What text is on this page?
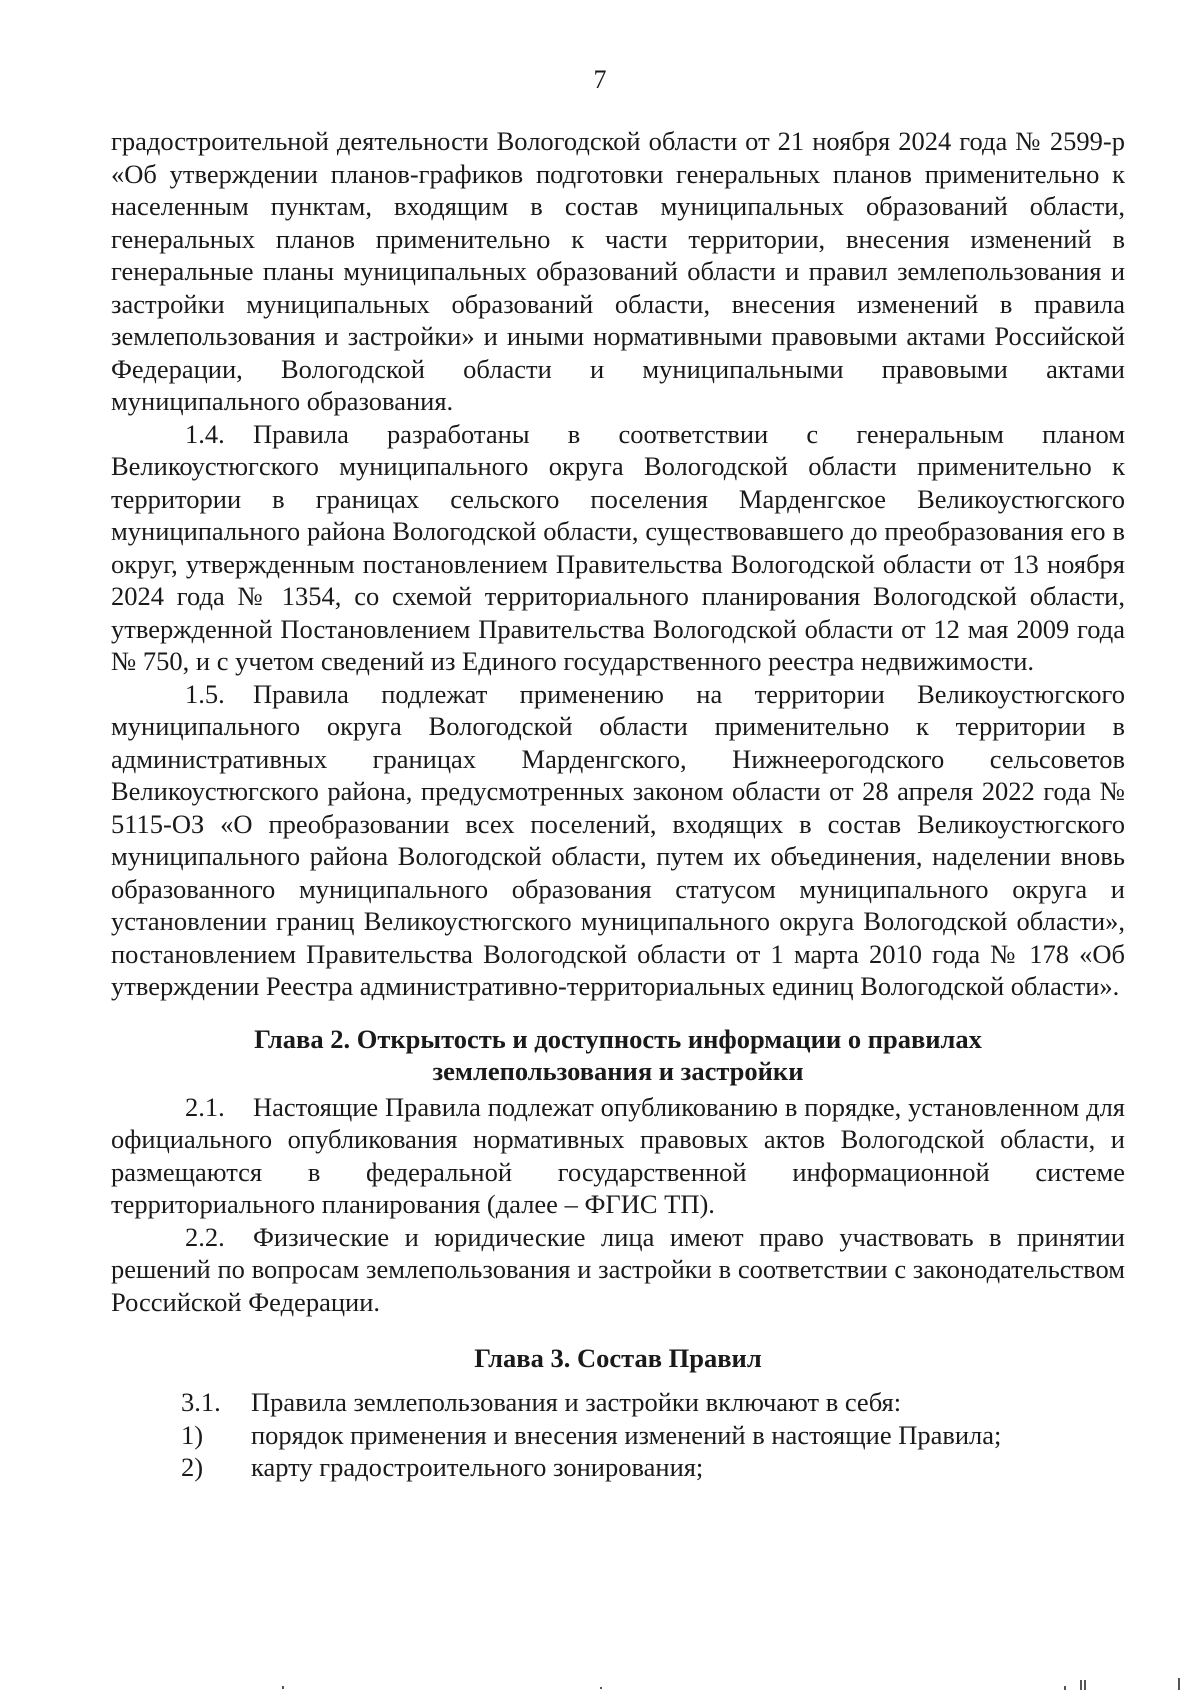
7

градостроительной деятельности Вологодской области от 21 ноября 2024 года № 2599-р «Об утверждении планов-графиков подготовки генеральных планов применительно к населенным пунктам, входящим в состав муниципальных образований области, генеральных планов применительно к части территории, внесения изменений в генеральные планы муниципальных образований области и правил землепользования и застройки муниципальных образований области, внесения изменений в правила землепользования и застройки» и иными нормативными правовыми актами Российской Федерации, Вологодской области и муниципальными правовыми актами муниципального образования.

1.4. Правила разработаны в соответствии с генеральным планом Великоустюгского муниципального округа Вологодской области применительно к территории в границах сельского поселения Марденгское Великоустюгского муниципального района Вологодской области, существовавшего до преобразования его в округ, утвержденным постановлением Правительства Вологодской области от 13 ноября 2024 года № 1354, со схемой территориального планирования Вологодской области, утвержденной Постановлением Правительства Вологодской области от 12 мая 2009 года № 750, и с учетом сведений из Единого государственного реестра недвижимости.

1.5. Правила подлежат применению на территории Великоустюгского муниципального округа Вологодской области применительно к территории в административных границах Марденгского, Нижнеерогодского сельсоветов Великоустюгского района, предусмотренных законом области от 28 апреля 2022 года № 5115-ОЗ «О преобразовании всех поселений, входящих в состав Великоустюгского муниципального района Вологодской области, путем их объединения, наделении вновь образованного муниципального образования статусом муниципального округа и установлении границ Великоустюгского муниципального округа Вологодской области», постановлением Правительства Вологодской области от 1 марта 2010 года № 178 «Об утверждении Реестра административно-территориальных единиц Вологодской области».

Глава 2. Открытость и доступность информации о правилах
землепользования и застройки

2.1. Настоящие Правила подлежат опубликованию в порядке, установленном для официального опубликования нормативных правовых актов Вологодской области, и размещаются в федеральной государственной информационной системе территориального планирования (далее – ФГИС ТП).

2.2. Физические и юридические лица имеют право участвовать в принятии решений по вопросам землепользования и застройки в соответствии с законодательством Российской Федерации.

Глава 3. Состав Правил
3.1.	Правила землепользования и застройки включают в себя:
1)	порядок применения и внесения изменений в настоящие Правила;
2)	карту градостроительного зонирования;
